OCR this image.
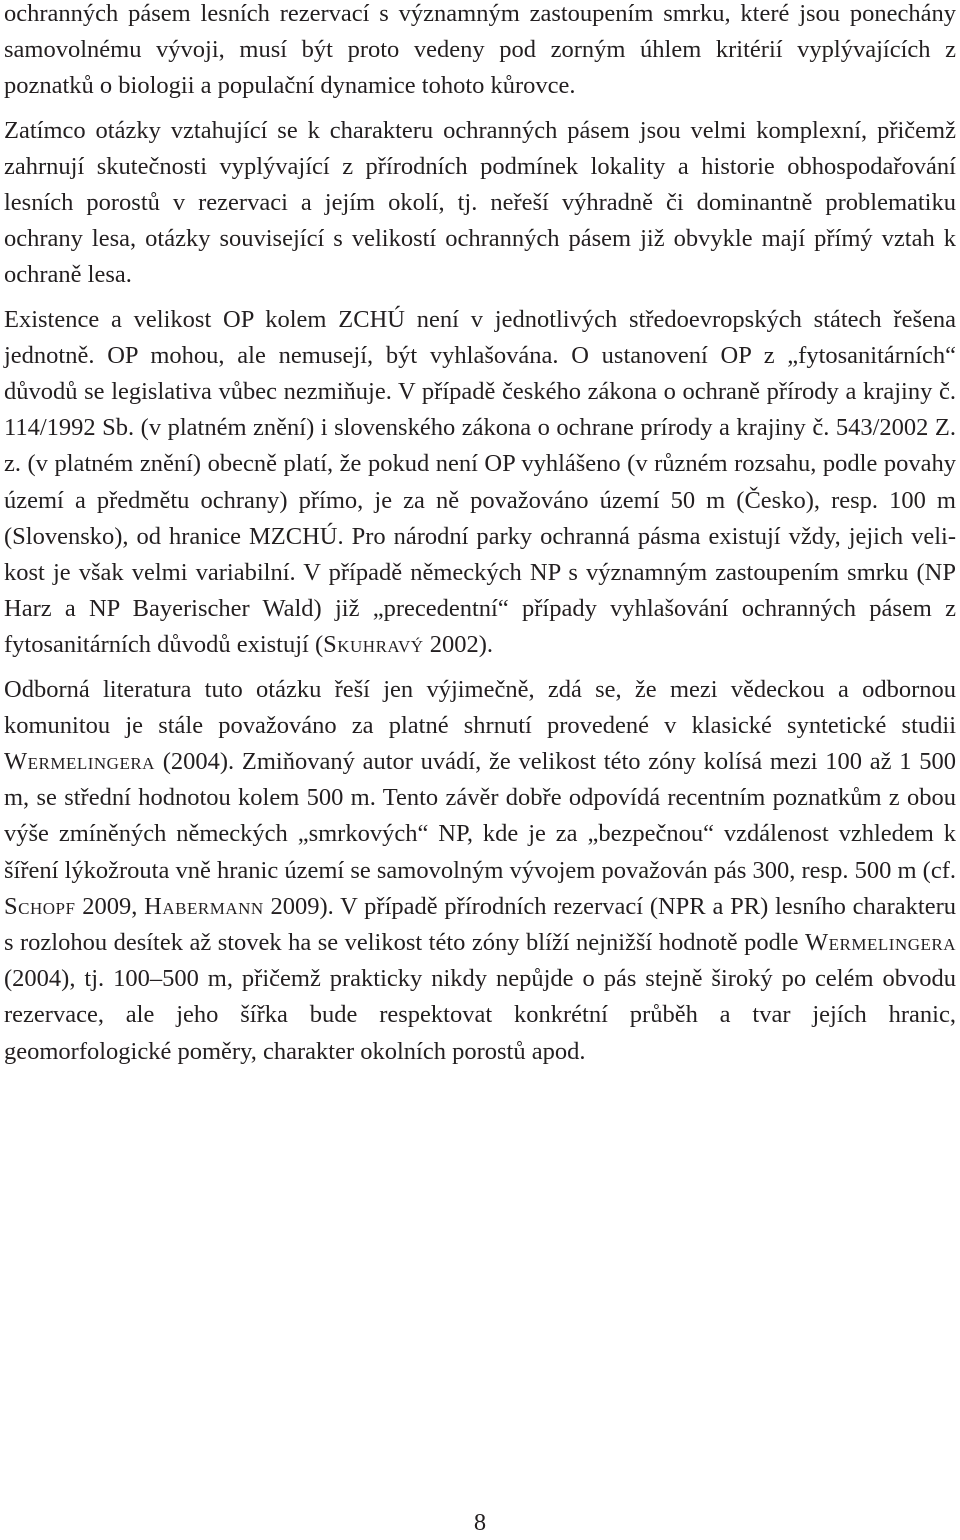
ochranných pásem lesních rezervací s významným zastoupením smrku, které jsou ponechány samovolnému vývoji, musí být proto vedeny pod zorným úhlem kritérií vyplývajících z poznatků o biologii a populační dynamice tohoto kůrovce.

Zatímco otázky vztahující se k charakteru ochranných pásem jsou velmi komplexní, přičemž zahrnují skutečnosti vyplývající z přírodních podmínek lokality a historie obhospodařování lesních porostů v rezervaci a jejím okolí, tj. neřeší výhradně či dominantně problematiku ochrany lesa, otázky související s velikostí ochranných pásem již obvykle mají přímý vztah k ochraně lesa.

Existence a velikost OP kolem ZCHÚ není v jednotlivých středoevropských státech řešena jednotně. OP mohou, ale nemusejí, být vyhlašována. O ustanovení OP z „fytosanitárních“ důvodů se legislativa vůbec nezmiňuje. V případě českého zákona o ochraně přírody a krajiny č. 114/1992 Sb. (v platném znění) i slovenského zákona o ochrane prírody a krajiny č. 543/2002 Z. z. (v platném znění) obecně platí, že pokud není OP vyhlášeno (v různém rozsahu, podle povahy území a předmětu ochrany) přímo, je za ně považováno území 50 m (Česko), resp. 100 m (Slovensko), od hranice MZCHÚ. Pro národní parky ochranná pásma existují vždy, jejich velikost je však velmi variabilní. V případě německých NP s významným zastoupením smrku (NP Harz a NP Bayerischer Wald) již „precedentní“ případy vyhlašování ochranných pásem z fytosanitárních důvodů existují (Skuhravý 2002).

Odborná literatura tuto otázku řeší jen výjimečně, zdá se, že mezi vědeckou a odbornou komunitou je stále považováno za platné shrnutí provedené v klasické syntetické studii Wermelingera (2004). Zmiňovaný autor uvádí, že velikost této zóny kolísá mezi 100 až 1 500 m, se střední hodnotou kolem 500 m. Tento závěr dobře odpovídá recentním poznatkům z obou výše zmíněných německých „smrkových“ NP, kde je za „bezpečnou“ vzdálenost vzhledem k šíření lýkožrouta vně hranic území se samovolným vývojem považován pás 300, resp. 500 m (cf. Schopf 2009, Habermann 2009). V případě přírodních rezervací (NPR a PR) lesního charakteru s rozlohou desítek až stovek ha se velikost této zóny blíží nejnižší hodnotě podle Wermelingera (2004), tj. 100–500 m, přičemž prakticky nikdy nepůjde o pás stejně široký po celém obvodu rezervace, ale jeho šířka bude respektovat konkrétní průběh a tvar jejích hranic, geomorfologické poměry, charakter okolních porostů apod.

8
